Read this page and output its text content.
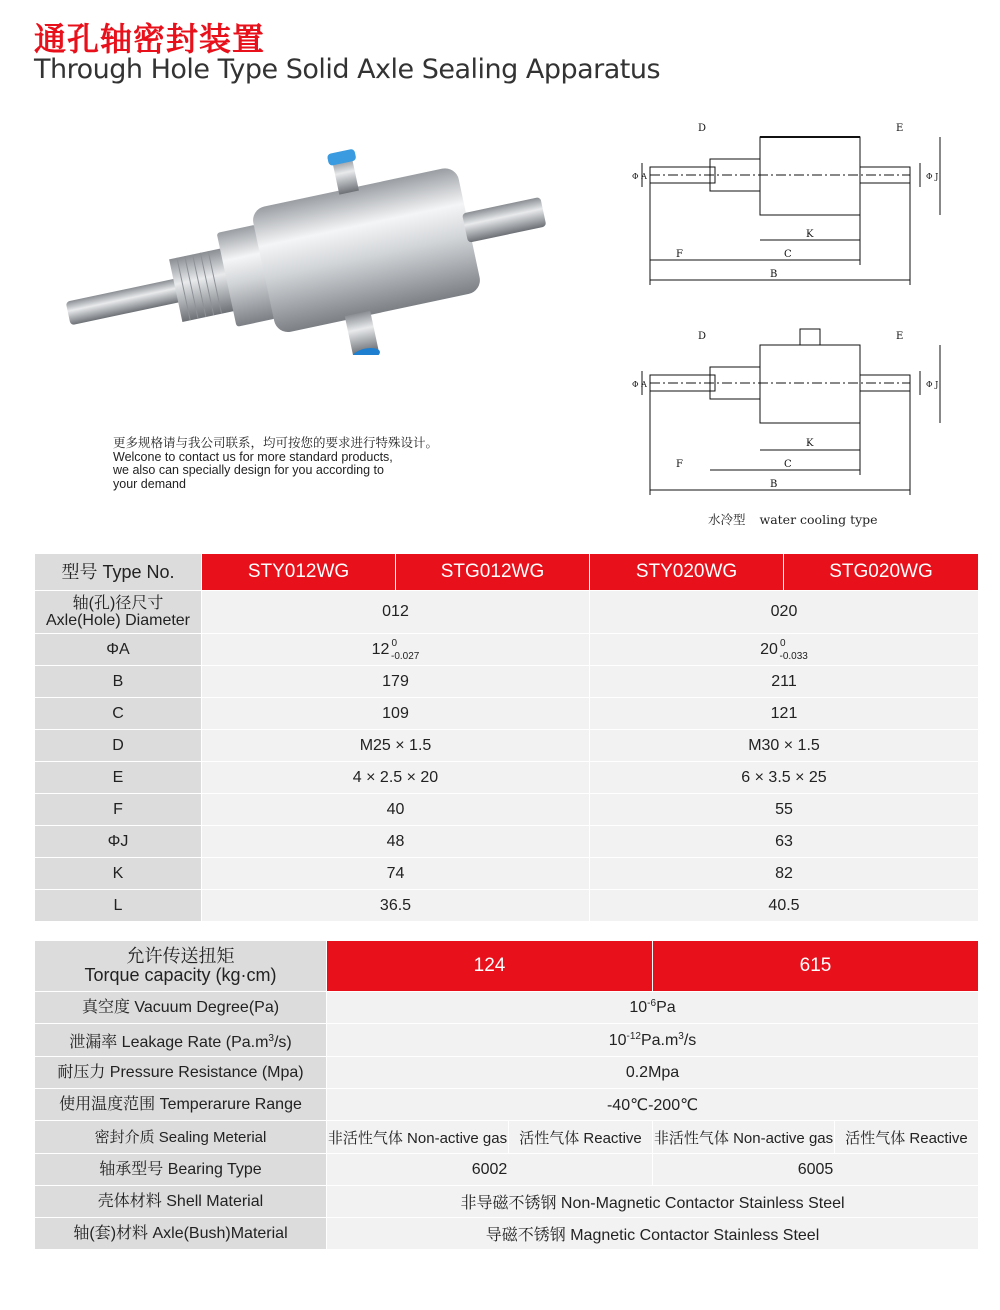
通孔轴密封装置
Through Hole Type Solid Axle Sealing Apparatus
更多规格请与我公司联系，均可按您的要求进行特殊设计。
Welcone to contact us for more standard products,
we also can specially design for you according to
your demand
D	E
Φ A	Φ J
K
F	C
B
D	E
Φ A	Φ J
K
F	C
B
水冷型 water cooling type
型号 Type No.	STY012WG	STG012WG	STY020WG	STG020WG

轴(孔)径尺寸
Axle(Hole) Diameter	012		020	
ΦA	12 $^0_{-0.027}$		20 $^0_{-0.033}$
B	179		211	
C	109		121	
D	M25 × 1.5		M30 × 1.5	
E	4 × 2.5 × 20		6 × 3.5 × 25	
F	40		55	
ΦJ	48		63	
K	74		82	
L	36.5		40.5	
允许传送扭矩
Torque capacity (kg·cm)	124		615	
真空度 Vacuum Degree(Pa)	$10^{-6}Pa$			
泄漏率 Leakage Rate $(Pa.m^3/s)$	$10^{-12}Pa.m^3/s$			
耐压力 Pressure Resistance (Mpa)	0.2Mpa			
使用温度范围 Temperarure Range	-40℃-200℃			
密封介质 Sealing Meterial	非活性气体 Non-active gas	活性气体 Reactive	非活性气体 Non-active gas	活性气体 Reactive
轴承型号 Bearing Type	6002		6005	
壳体材料 Shell Material	非导磁不锈钢 Non-Magnetic Contactor Stainless Steel			
轴(套)材料 Axle(Bush)Material	导磁不锈钢 Magnetic Contactor Stainless Steel			
